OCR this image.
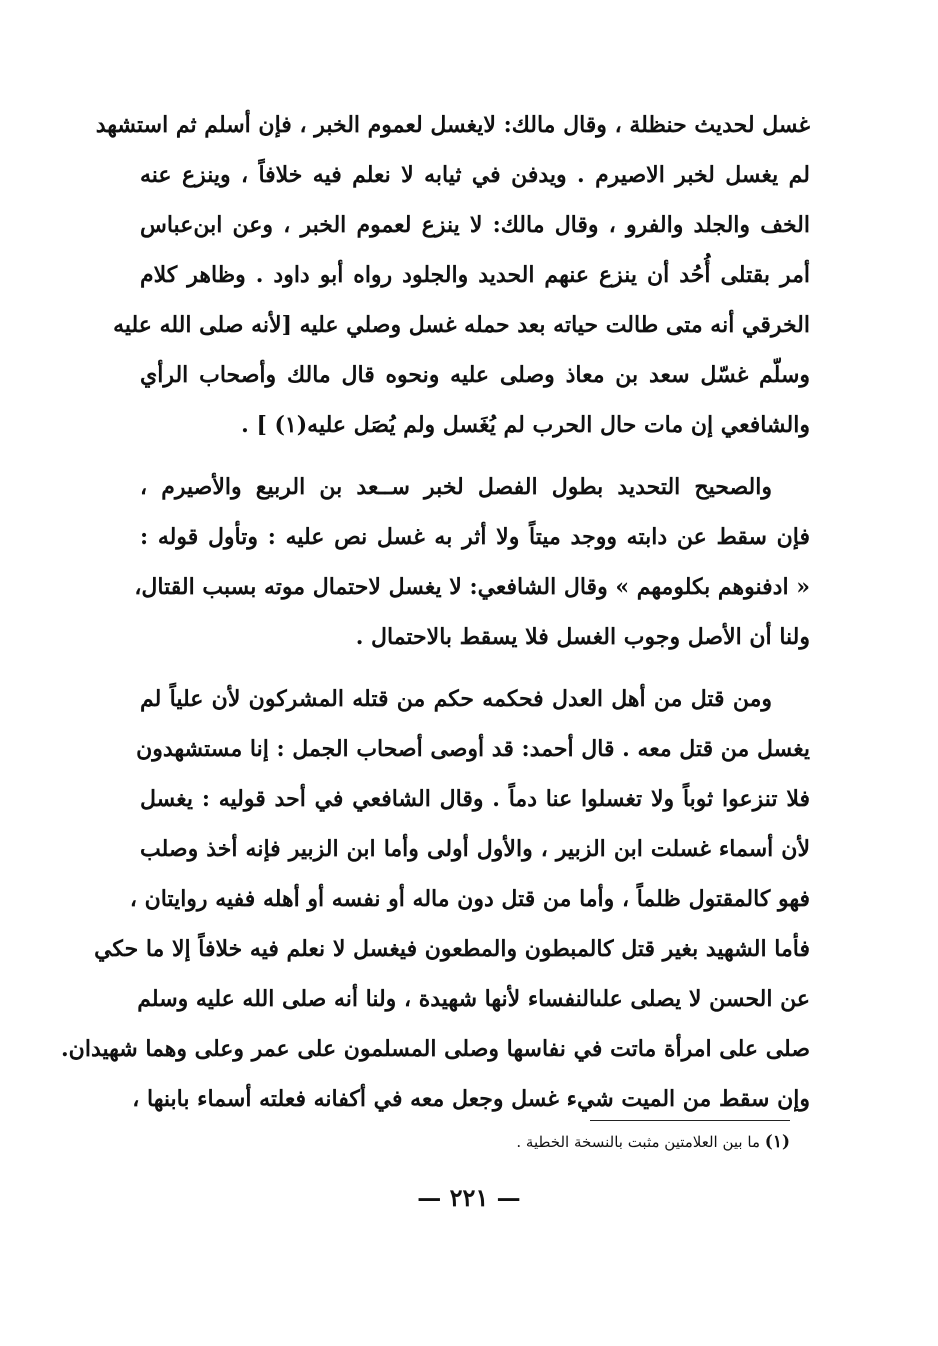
غسل لحديث حنظلة ، وقال مالك: لايغسل لعموم الخبر ، فإن أسلم ثم استشهد
لم يغسل لخبر الاصيرم . ويدفن في ثيابه لا نعلم فيه خلافاً ، وينزع عنه
الخف والجلد والفرو ، وقال مالك: لا ينزع لعموم الخبر ، وعن ابن‌عباس
أمر بقتلى أُحُد أن ينزع عنهم الحديد والجلود رواه أبو داود . وظاهر كلام
الخرقي أنه متى طالت حياته بعد حمله غسل وصلي عليه [لأنه صلى الله عليه
وسلّم غسّل سعد بن معاذ وصلى عليه ونحوه قال مالك وأصحاب الرأي
والشافعي إن مات حال الحرب لم يُغَسل ولم يُصَل عليه(١) ] .
والصحيح التحديد بطول الفصل لخبر ســعد بن الربيع والأصيرم ،
فإن سقط عن دابته ووجد ميتاً ولا أثر به غسل نص عليه : وتأول قوله :
« ادفنوهم بكلومهم » وقال الشافعي: لا يغسل لاحتمال موته بسبب القتال،
ولنا أن الأصل وجوب الغسل فلا يسقط بالاحتمال .
ومن قتل من أهل العدل فحكمه حكم من قتله المشركون لأن علياً لم
يغسل من قتل معه . قال أحمد: قد أوصى أصحاب الجمل : إنا مستشهدون
فلا تنزعوا ثوباً ولا تغسلوا عنا دماً . وقال الشافعي في أحد قوليه : يغسل
لأن أسماء غسلت ابن الزبير ، والأول أولى وأما ابن الزبير فإنه أخذ وصلب
فهو كالمقتول ظلماً ، وأما من قتل دون ماله أو نفسه أو أهله ففيه روايتان ،
فأما الشهيد بغير قتل كالمبطون والمطعون فيغسل لا نعلم فيه خلافاً إلا ما حكي
عن الحسن لا يصلى علىالنفساء لأنها شهيدة ، ولنا أنه صلى الله عليه وسلم
صلى على امرأة ماتت في نفاسها وصلى المسلمون على عمر وعلى وهما شهيدان.
وإن سقط من الميت شيء غسل وجعل معه في أكفانه فعلته أسماء بابنها ،
(١) ما بين العلامتين مثبت بالنسخة الخطية .
— ٢٢١ —
